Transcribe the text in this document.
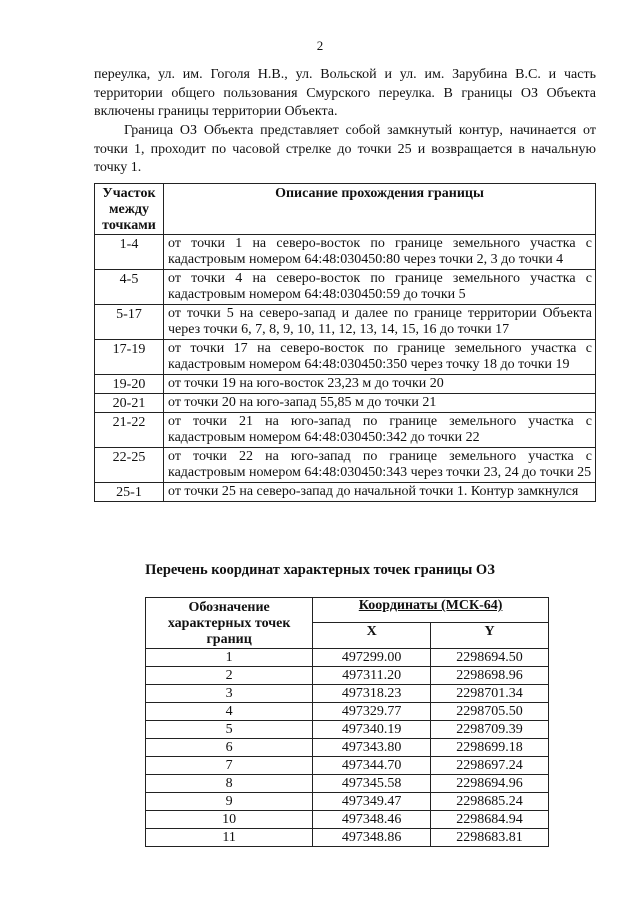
2

переулка, ул. им. Гоголя Н.В., ул. Вольской и ул. им. Зарубина В.С. и часть территории общего пользования Смурского переулка. В границы ОЗ Объекта включены границы территории Объекта.

Граница ОЗ Объекта представляет собой замкнутый контур, начинается от точки 1, проходит по часовой стрелке до точки 25 и возвращается в начальную точку 1.

Участок между точками	Описание прохождения границы
1-4	от точки 1 на северо-восток по границе земельного участка с кадастровым номером 64:48:030450:80 через точки 2, 3 до точки 4
4-5	от точки 4 на северо-восток по границе земельного участка с кадастровым номером 64:48:030450:59 до точки 5
5-17	от точки 5 на северо-запад и далее по границе территории Объекта через точки 6, 7, 8, 9, 10, 11, 12, 13, 14, 15, 16 до точки 17
17-19	от точки 17 на северо-восток по границе земельного участка с кадастровым номером 64:48:030450:350 через точку 18 до точки 19
19-20	от точки 19 на юго-восток 23,23 м до точки 20
20-21	от точки 20 на юго-запад 55,85 м до точки 21
21-22	от точки 21 на юго-запад по границе земельного участка с кадастровым номером 64:48:030450:342 до точки 22
22-25	от точки 22 на юго-запад по границе земельного участка с кадастровым номером 64:48:030450:343 через точки 23, 24 до точки 25
25-1	от точки 25 на северо-запад до начальной точки 1. Контур замкнулся
Перечень координат характерных точек границы ОЗ
Обозначение характерных точек границ	Координаты (МСК-64)	
	X	Y
1	497299.00	2298694.50
2	497311.20	2298698.96
3	497318.23	2298701.34
4	497329.77	2298705.50
5	497340.19	2298709.39
6	497343.80	2298699.18
7	497344.70	2298697.24
8	497345.58	2298694.96
9	497349.47	2298685.24
10	497348.46	2298684.94
11	497348.86	2298683.81
